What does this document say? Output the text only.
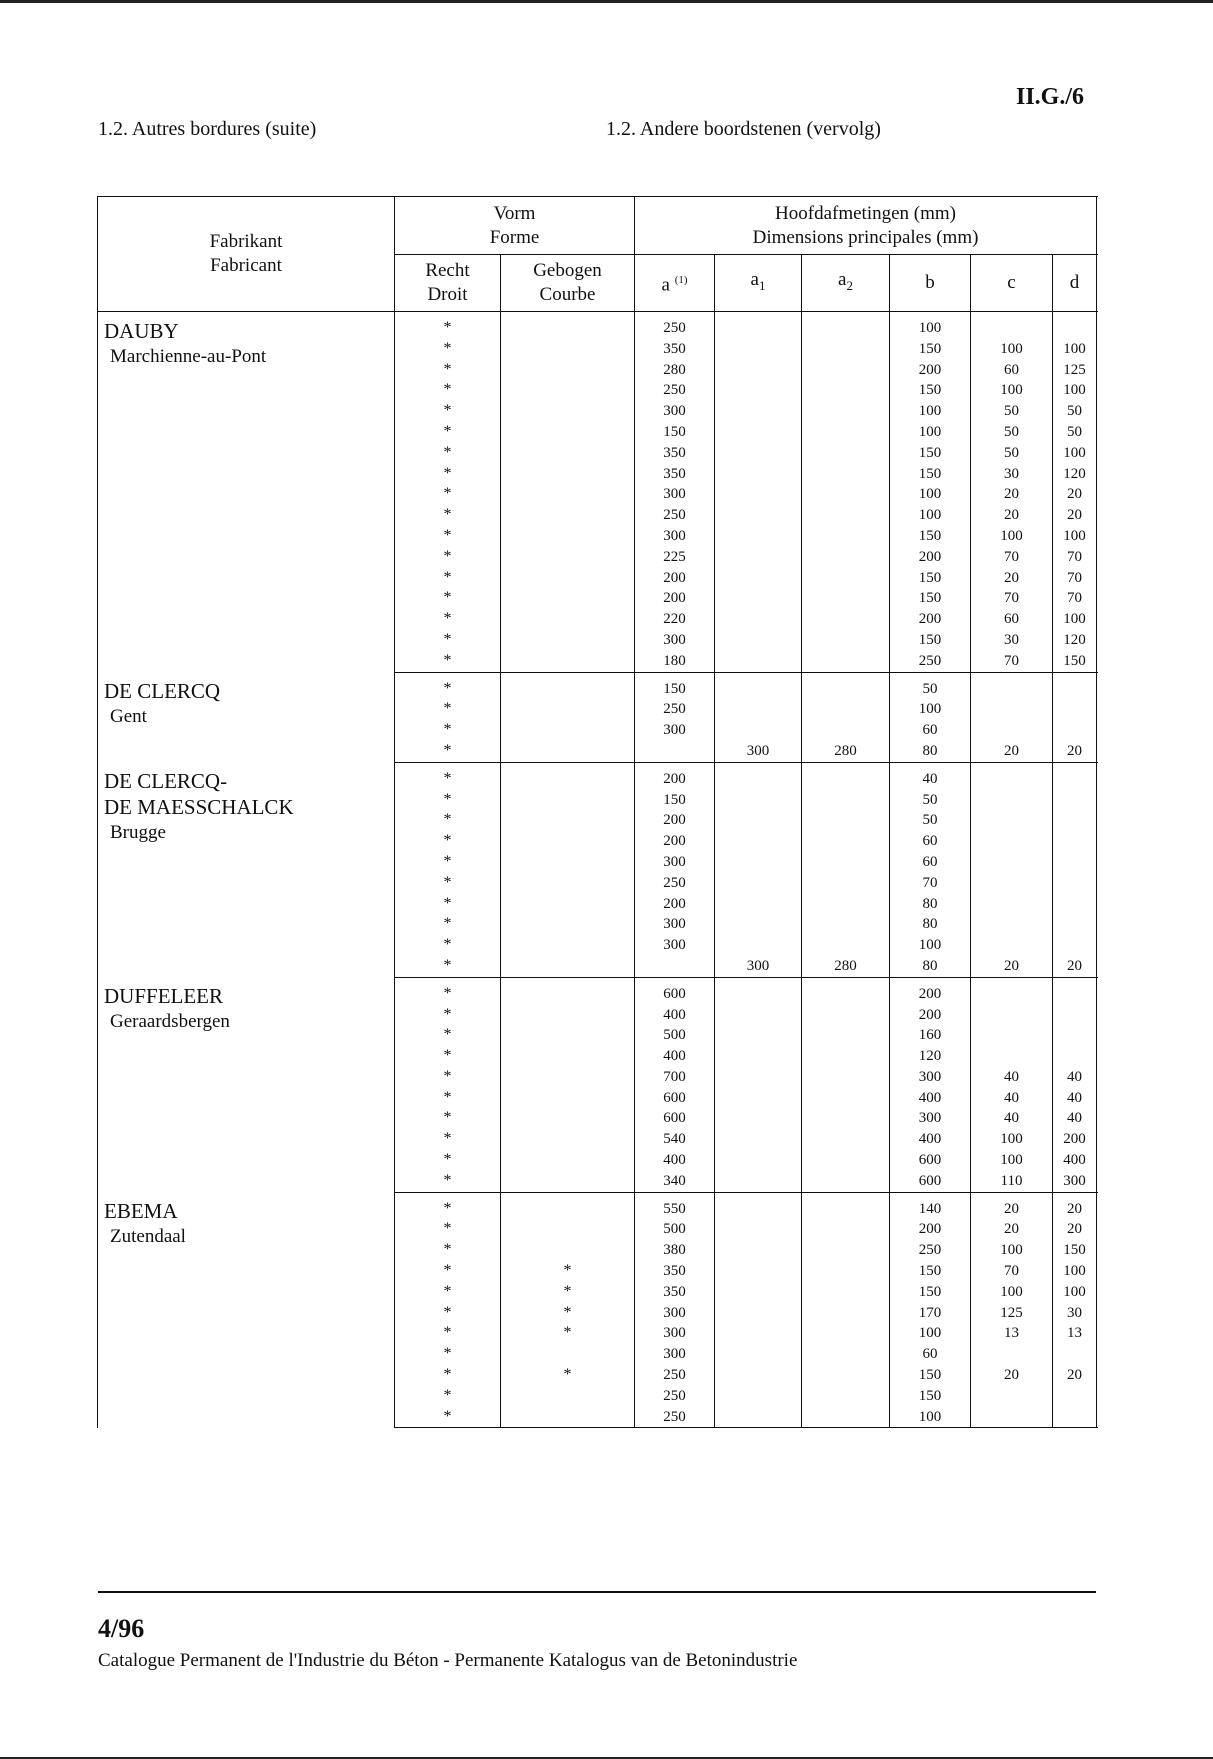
1.2. Autres bordures (suite)	1.2. Andere boordstenen (vervolg)
II.G./6
Fabrikant
Fabricant	Vorm
Forme		Hoofdafmetingen (mm)
Dimensions principales (mm)					
	Recht
Droit	Gebogen
Courbe	a $^{(1)}$	$a_1$	$a_2$	b	c	d

DAUBY
Marchienne-au-Pont	*		250			100		
	*		350			150	100	100
	*		280			200	60	125
	*		250			150	100	100
	*		300			100	50	50
	*		150			100	50	50
	*		350			150	50	100
	*		350			150	30	120
	*		300			100	20	20
	*		250			100	20	20
	*		300			150	100	100
	*		225			200	70	70
	*		200			150	20	70
	*		200			150	70	70
	*		220			200	60	100
	*		300			150	30	120
	*		180			250	70	150

DE CLERCQ
Gent	*		150			50		
	*		250			100		
	*		300			60		
	*			300	280	80	20	20

DE CLERCQ-
DE MAESSCHALCK
Brugge	*		200			40		
	*		150			50		
	*		200			50		
	*		200			60		
	*		300			60		
	*		250			70		
	*		200			80		
	*		300			80		
	*		300			100		
	*			300	280	80	20	20

DUFFELEER
Geraardsbergen	*		600			200		
	*		400			200		
	*		500			160		
	*		400			120		
	*		700			300	40	40
	*		600			400	40	40
	*		600			300	40	40
	*		540			400	100	200
	*		400			600	100	400
	*		340			600	110	300

EBEMA
Zutendaal	*		550			140	20	20
	*		500			200	20	20
	*		380			250	100	150
	*	*	350			150	70	100
	*	*	350			150	100	100
	*	*	300			170	125	30
	*	*	300			100	13	13
	*		300			60		
	*	*	250			150	20	20
	*		250			150		
	*		250			100		
4/96
Catalogue Permanent de l'Industrie du Béton - Permanente Katalogus van de Betonindustrie
